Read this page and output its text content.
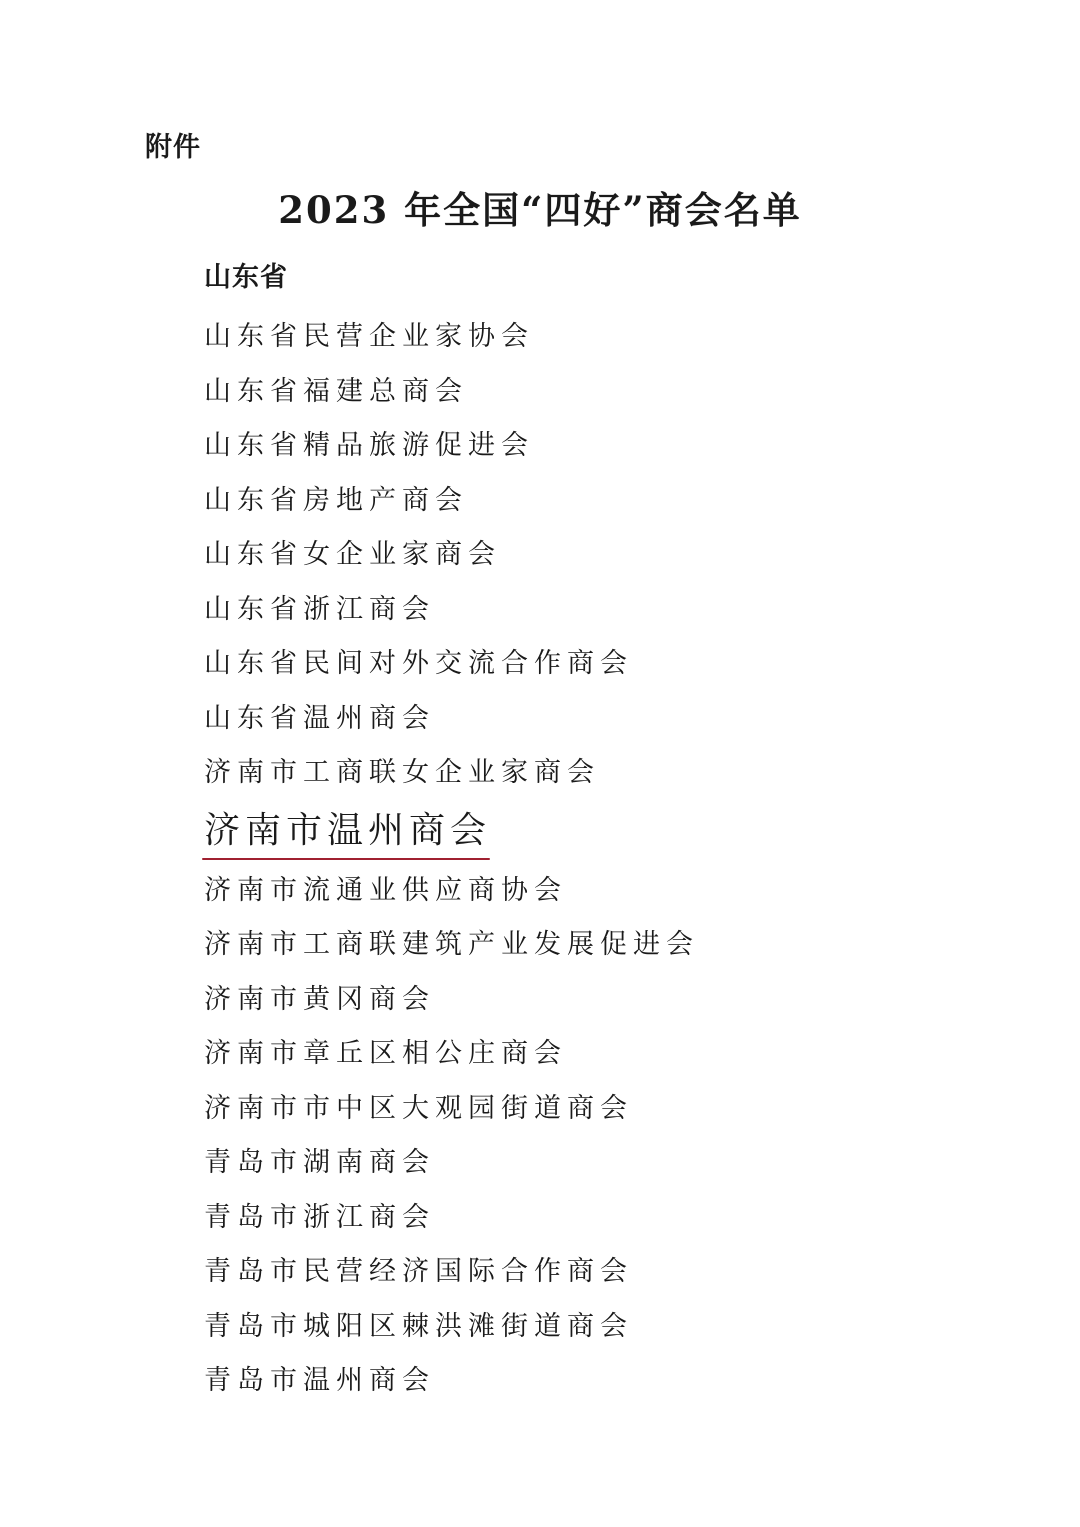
附件
2023 年全国“四好”商会名单
山东省
山东省民营企业家协会
山东省福建总商会
山东省精品旅游促进会
山东省房地产商会
山东省女企业家商会
山东省浙江商会
山东省民间对外交流合作商会
山东省温州商会
济南市工商联女企业家商会
济南市温州商会
济南市流通业供应商协会
济南市工商联建筑产业发展促进会
济南市黄冈商会
济南市章丘区相公庄商会
济南市市中区大观园街道商会
青岛市湖南商会
青岛市浙江商会
青岛市民营经济国际合作商会
青岛市城阳区棘洪滩街道商会
青岛市温州商会
